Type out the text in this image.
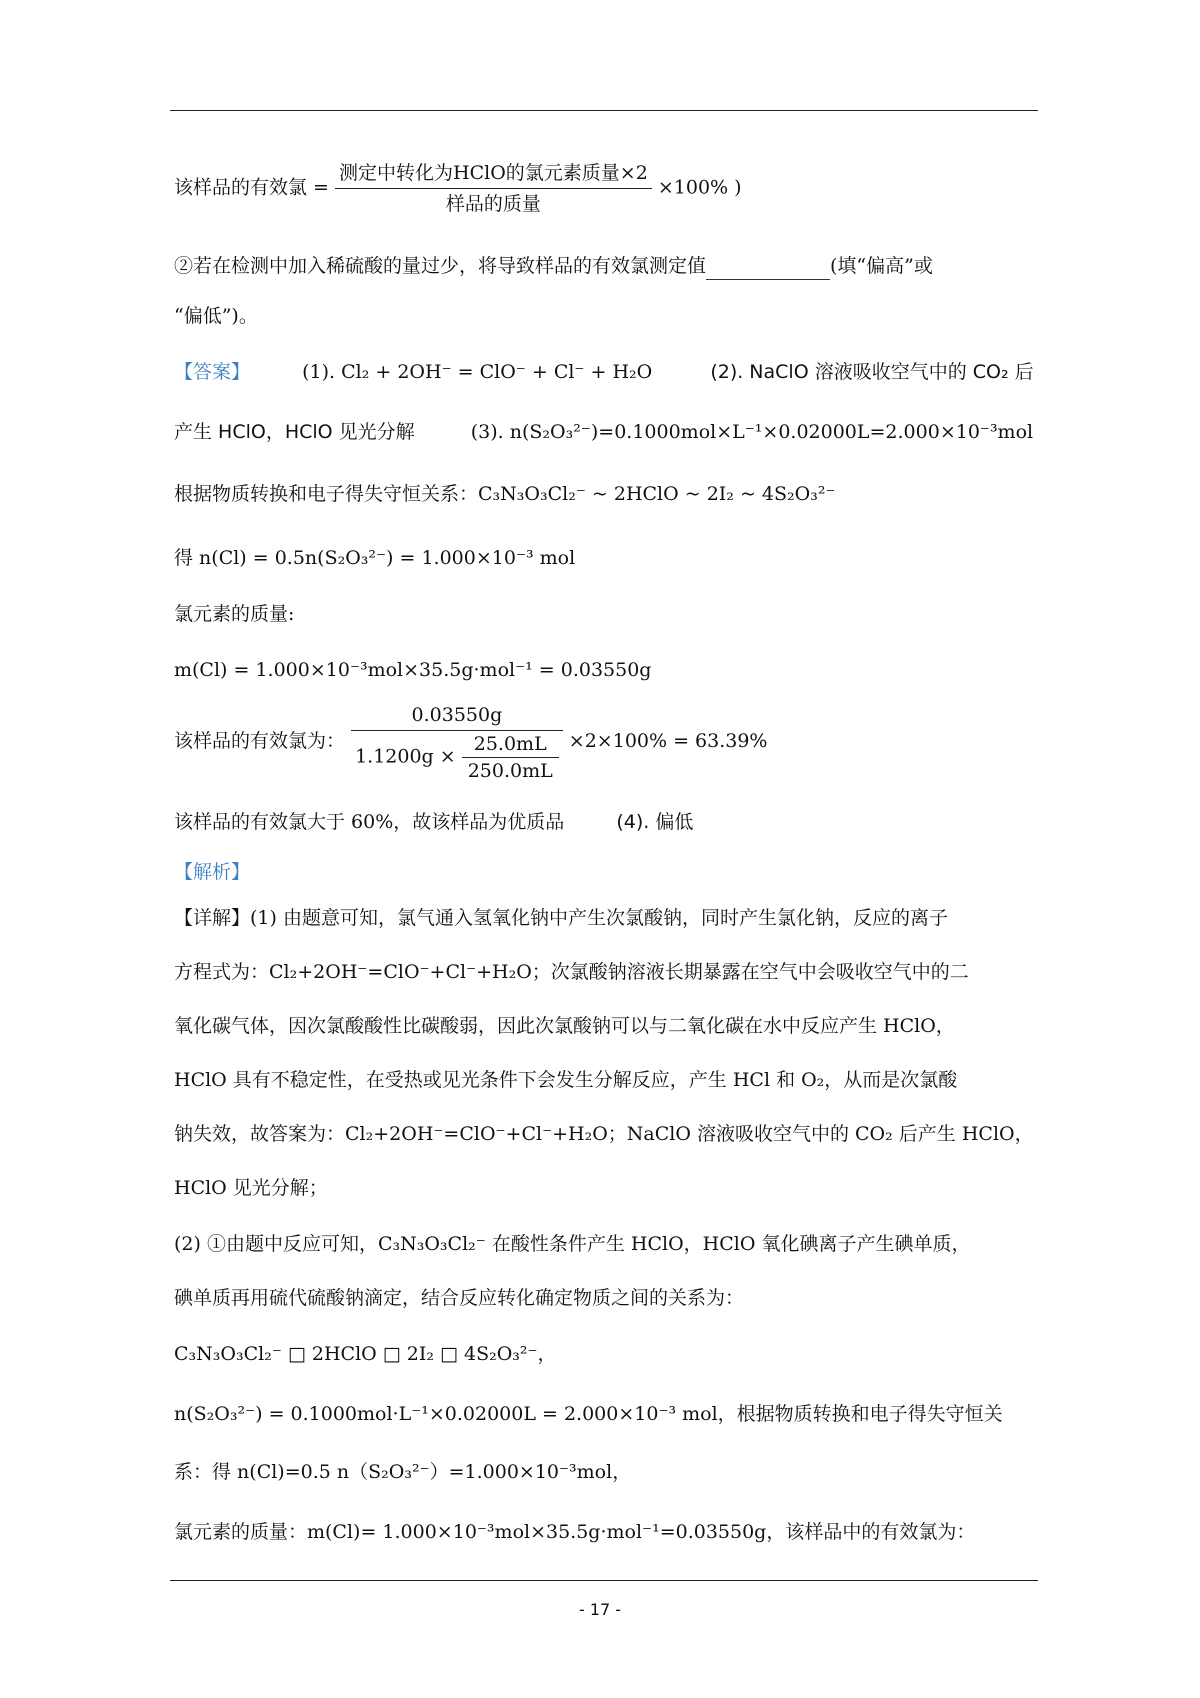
该样品的有效氯 = $\frac{\text{测定中转化为HClO的氯元素质量×2}}{\text{样品的质量}} \times 100\%$ )
②若在检测中加入稀硫酸的量过少，将导致样品的有效氯测定值	(填“偏高”或
“偏低”)。
【答案】	(1). Cl₂ + 2OH⁻ = ClO⁻ + Cl⁻ + H₂O	(2). NaClO 溶液吸收空气中的 CO₂ 后
产生 HClO，HClO 见光分解	(3). n(S₂O₃²⁻)=0.1000mol×L⁻¹×0.02000L=2.000×10⁻³mol
根据物质转换和电子得失守恒关系：C₃N₃O₃Cl₂⁻ ~ 2HClO ~ 2I₂ ~ 4S₂O₃²⁻
得 n(Cl) = 0.5n(S₂O₃²⁻) = 1.000×10⁻³ mol
氯元素的质量:
m(Cl) = 1.000×10⁻³mol×35.5g·mol⁻¹ = 0.03550g
该样品的有效氯为： $\frac{0.03550g}{1.1200g \times \frac{25.0mL}{250.0mL}} \times 2\times 100\% = 63.39\%$
该样品的有效氯大于 60%，故该样品为优质品	(4). 偏低
【解析】
【详解】(1) 由题意可知，氯气通入氢氧化钠中产生次氯酸钠，同时产生氯化钠，反应的离子
方程式为：Cl₂+2OH⁻=ClO⁻+Cl⁻+H₂O；次氯酸钠溶液长期暴露在空气中会吸收空气中的二
氧化碳气体，因次氯酸酸性比碳酸弱，因此次氯酸钠可以与二氧化碳在水中反应产生 HClO，
HClO 具有不稳定性，在受热或见光条件下会发生分解反应，产生 HCl 和 O₂，从而是次氯酸
钠失效，故答案为：Cl₂+2OH⁻=ClO⁻+Cl⁻+H₂O；NaClO 溶液吸收空气中的 CO₂ 后产生 HClO，
HClO 见光分解；
(2) ①由题中反应可知，C₃N₃O₃Cl₂⁻ 在酸性条件产生 HClO，HClO 氧化碘离子产生碘单质，
碘单质再用硫代硫酸钠滴定，结合反应转化确定物质之间的关系为：
C₃N₃O₃Cl₂⁻ □ 2HClO □ 2I₂ □ 4S₂O₃²⁻，
n(S₂O₃²⁻) = 0.1000mol·L⁻¹×0.02000L = 2.000×10⁻³ mol，根据物质转换和电子得失守恒关
系：得 n(Cl)=0.5 n（S₂O₃²⁻）=1.000×10⁻³mol，
氯元素的质量：m(Cl)= 1.000×10⁻³mol×35.5g·mol⁻¹=0.03550g，该样品中的有效氯为：
- 17 -
